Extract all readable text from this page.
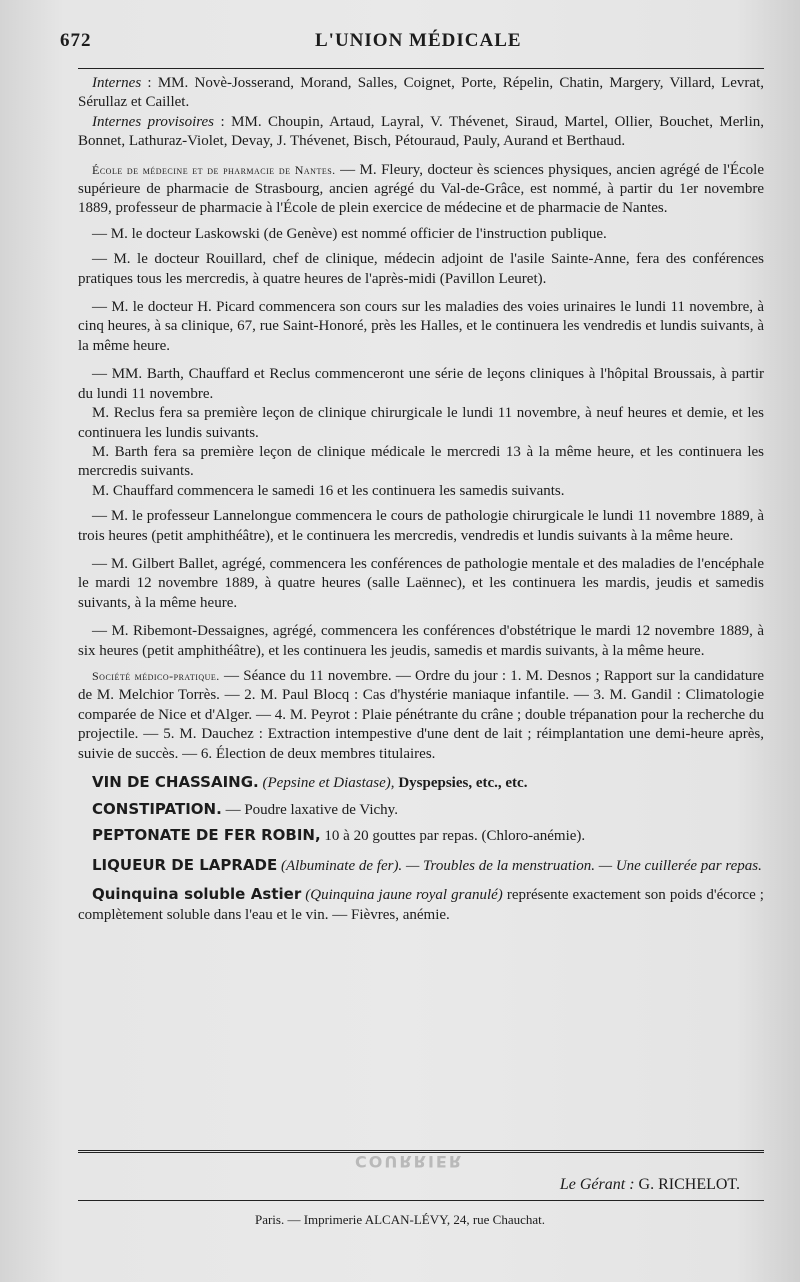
672	L'UNION MÉDICALE

Internes : MM. Novè-Josserand, Morand, Salles, Coignet, Porte, Répelin, Chatin, Margery, Villard, Levrat, Sérullaz et Caillet.

Internes provisoires : MM. Choupin, Artaud, Layral, V. Thévenet, Siraud, Martel, Ollier, Bouchet, Merlin, Bonnet, Lathuraz-Violet, Devay, J. Thévenet, Bisch, Pétouraud, Pauly, Aurand et Berthaud.

École de médecine et de pharmacie de Nantes. — M. Fleury, docteur ès sciences physiques, ancien agrégé de l'École supérieure de pharmacie de Strasbourg, ancien agrégé du Val-de-Grâce, est nommé, à partir du 1er novembre 1889, professeur de pharmacie à l'École de plein exercice de médecine et de pharmacie de Nantes.

— M. le docteur Laskowski (de Genève) est nommé officier de l'instruction publique.

— M. le docteur Rouillard, chef de clinique, médecin adjoint de l'asile Sainte-Anne, fera des conférences pratiques tous les mercredis, à quatre heures de l'après-midi (Pavillon Leuret).

— M. le docteur H. Picard commencera son cours sur les maladies des voies urinaires le lundi 11 novembre, à cinq heures, à sa clinique, 67, rue Saint-Honoré, près les Halles, et le continuera les vendredis et lundis suivants, à la même heure.

— MM. Barth, Chauffard et Reclus commenceront une série de leçons cliniques à l'hôpital Broussais, à partir du lundi 11 novembre.

M. Reclus fera sa première leçon de clinique chirurgicale le lundi 11 novembre, à neuf heures et demie, et les continuera les lundis suivants.

M. Barth fera sa première leçon de clinique médicale le mercredi 13 à la même heure, et les continuera les mercredis suivants.

M. Chauffard commencera le samedi 16 et les continuera les samedis suivants.

— M. le professeur Lannelongue commencera le cours de pathologie chirurgicale le lundi 11 novembre 1889, à trois heures (petit amphithéâtre), et le continuera les mercredis, vendredis et lundis suivants à la même heure.

— M. Gilbert Ballet, agrégé, commencera les conférences de pathologie mentale et des maladies de l'encéphale le mardi 12 novembre 1889, à quatre heures (salle Laënnec), et les continuera les mardis, jeudis et samedis suivants, à la même heure.

— M. Ribemont-Dessaignes, agrégé, commencera les conférences d'obstétrique le mardi 12 novembre 1889, à six heures (petit amphithéâtre), et les continuera les jeudis, samedis et mardis suivants, à la même heure.

Société médico-pratique. — Séance du 11 novembre. — Ordre du jour : 1. M. Desnos ; Rapport sur la candidature de M. Melchior Torrès. — 2. M. Paul Blocq : Cas d'hystérie maniaque infantile. — 3. M. Gandil : Climatologie comparée de Nice et d'Alger. — 4. M. Peyrot : Plaie pénétrante du crâne ; double trépanation pour la recherche du projectile. — 5. M. Dauchez : Extraction intempestive d'une dent de lait ; réimplantation une demi-heure après, suivie de succès. — 6. Élection de deux membres titulaires.

VIN DE CHASSAING. (Pepsine et Diastase), Dyspepsies, etc., etc.

CONSTIPATION. — Poudre laxative de Vichy.

PEPTONATE DE FER ROBIN, 10 à 20 gouttes par repas. (Chloro-anémie).

LIQUEUR DE LAPRADE (Albuminate de fer). — Troubles de la menstruation. — Une cuillerée par repas.

Quinquina soluble Astier (Quinquina jaune royal granulé) représente exactement son poids d'écorce ; complètement soluble dans l'eau et le vin. — Fièvres, anémie.

COURRIER
Le Gérant : G. RICHELOT.
Paris. — Imprimerie ALCAN-LÉVY, 24, rue Chauchat.
